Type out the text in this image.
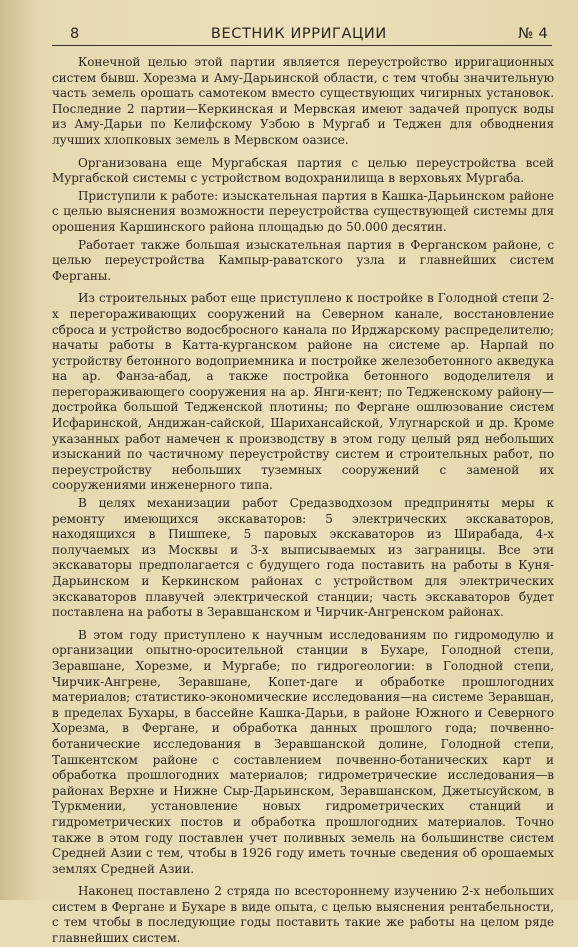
8	ВЕСТНИК ИРРИГАЦИИ	№ 4

Конечной целью этой партии является переустройство ирригационных систем бывш. Хорезма и Аму-Дарьинской области, с тем чтобы значительную часть земель орошать самотеком вместо существующих чигирных установок. Последние 2 партии—Керкинская и Мервская имеют задачей пропуск воды из Аму-Дарьи по Келифскому Узбою в Мургаб и Теджен для обводнения лучших хлопковых земель в Мервском оазисе.

Организована еще Мургабская партия с целью переустройства всей Мургабской системы с устройством водохранилища в верховьях Мургаба.

Приступили к работе: изыскательная партия в Кашка-Дарьинском районе с целью выяснения возможности переустройства существующей системы для орошения Каршинского района площадью до 50.000 десятин.

Работает также большая изыскательная партия в Ферганском районе, с целью переустройства Кампыр-раватского узла и главнейших систем Ферганы.

Из строительных работ еще приступлено к постройке в Голодной степи 2-х перегораживающих сооружений на Северном канале, восстановление сброса и устройство водосбросного канала по Ирджарскому распределителю; начаты работы в Катта-курганском районе на системе ар. Нарпай по устройству бетонного водоприемника и постройке железобетонного акведука на ар. Фанза-абад, а также постройка бетонного вододелителя и перегораживающего сооружения на ар. Янги-кент; по Тедженскому району—достройка большой Тедженской плотины; по Фергане ошлюзование систем Исфаринской, Андижан-сайской, Шарихансайской, Улугнарской и др. Кроме указанных работ намечен к производству в этом году целый ряд небольших изысканий по частичному переустройству систем и строительных работ, по переустройству небольших туземных сооружений с заменой их сооружениями инженерного типа.

В целях механизации работ Средазводхозом предприняты меры к ремонту имеющихся экскаваторов: 5 электрических экскаваторов, находящихся в Пишпеке, 5 паровых экскаваторов из Ширабада, 4-х получаемых из Москвы и 3-х выписываемых из заграницы. Все эти экскаваторы предполагается с будущего года поставить на работы в Куня-Дарьинском и Керкинском районах с устройством для электрических экскаваторов плавучей электрической станции; часть экскаваторов будет поставлена на работы в Зеравшанском и Чирчик-Ангренском районах.

В этом году приступлено к научным исследованиям по гидромодулю и организации опытно-оросительной станции в Бухаре, Голодной степи, Зеравшане, Хорезме, и Мургабе; по гидрогеологии: в Голодной степи, Чирчик-Ангрене, Зеравшане, Копет-даге и обработке прошлогодних материалов; статистико-экономические исследования—на системе Зеравшан, в пределах Бухары, в бассейне Кашка-Дарьи, в районе Южного и Северного Хорезма, в Фергане, и обработка данных прошлого года; почвенно-ботанические исследования в Зеравшанской долине, Голодной степи, Ташкентском районе с составлением почвенно-ботанических карт и обработка прошлогодних материалов; гидрометрические исследования—в районах Верхне и Нижне Сыр-Дарьинском, Зеравшанском, Джетысуйском, в Туркмении, установление новых гидрометрических станций и гидрометрических постов и обработка прошлогодних материалов. Точно также в этом году поставлен учет поливных земель на большинстве систем Средней Азии с тем, чтобы в 1926 году иметь точные сведения об орошаемых землях Средней Азии.

Наконец поставлено 2 стряда по всестороннему изучению 2-х небольших систем в Фергане и Бухаре в виде опыта, с целью выяснения рентабельности, с тем чтобы в последующие годы поставить такие же работы на целом ряде главнейших систем.
